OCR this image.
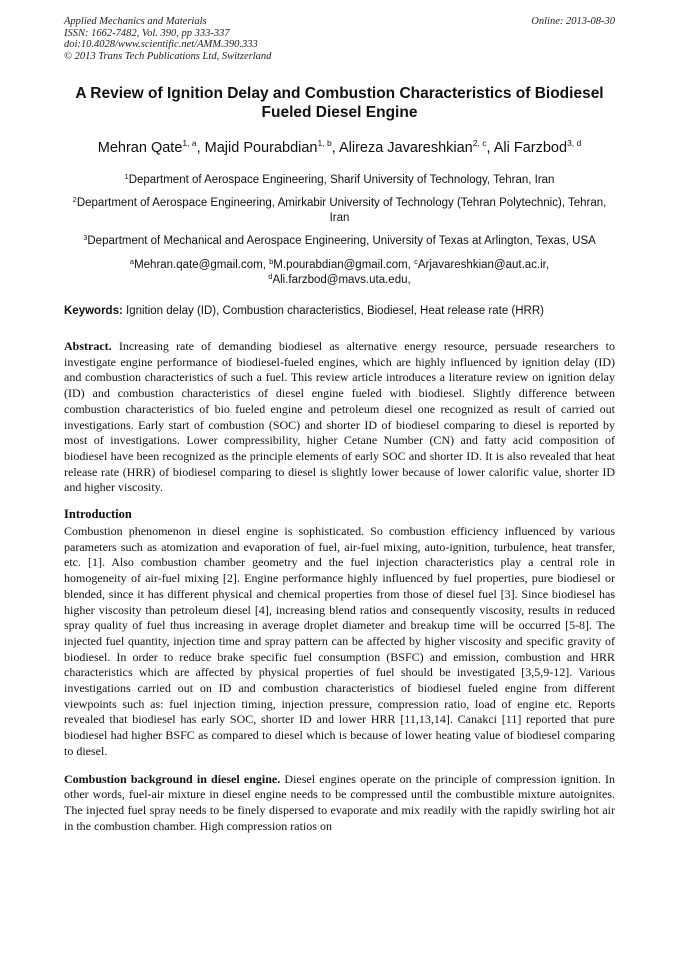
Applied Mechanics and Materials
ISSN: 1662-7482, Vol. 390, pp 333-337
doi:10.4028/www.scientific.net/AMM.390.333
© 2013 Trans Tech Publications Ltd, Switzerland
Online: 2013-08-30
A Review of Ignition Delay and Combustion Characteristics of Biodiesel Fueled Diesel Engine
Mehran Qate$^{1, a}$, Majid Pourabdian$^{1, b}$, Alireza Javareshkian$^{2, c}$, Ali Farzbod$^{3, d}$
$^1$Department of Aerospace Engineering, Sharif University of Technology, Tehran, Iran
$^2$Department of Aerospace Engineering, Amirkabir University of Technology (Tehran Polytechnic), Tehran, Iran
$^3$Department of Mechanical and Aerospace Engineering, University of Texas at Arlington, Texas, USA
$^a$Mehran.qate@gmail.com, $^b$M.pourabdian@gmail.com, $^c$Arjavareshkian@aut.ac.ir,
$^d$Ali.farzbod@mavs.uta.edu,
Keywords: Ignition delay (ID), Combustion characteristics, Biodiesel, Heat release rate (HRR)
Abstract. Increasing rate of demanding biodiesel as alternative energy resource, persuade researchers to investigate engine performance of biodiesel-fueled engines, which are highly influenced by ignition delay (ID) and combustion characteristics of such a fuel. This review article introduces a literature review on ignition delay (ID) and combustion characteristics of diesel engine fueled with biodiesel. Slightly difference between combustion characteristics of bio fueled engine and petroleum diesel one recognized as result of carried out investigations. Early start of combustion (SOC) and shorter ID of biodiesel comparing to diesel is reported by most of investigations. Lower compressibility, higher Cetane Number (CN) and fatty acid composition of biodiesel have been recognized as the principle elements of early SOC and shorter ID. It is also revealed that heat release rate (HRR) of biodiesel comparing to diesel is slightly lower because of lower calorific value, shorter ID and higher viscosity.
Introduction
Combustion phenomenon in diesel engine is sophisticated. So combustion efficiency influenced by various parameters such as atomization and evaporation of fuel, air-fuel mixing, auto-ignition, turbulence, heat transfer, etc. [1]. Also combustion chamber geometry and the fuel injection characteristics play a central role in homogeneity of air-fuel mixing [2]. Engine performance highly influenced by fuel properties, pure biodiesel or blended, since it has different physical and chemical properties from those of diesel fuel [3]. Since biodiesel has higher viscosity than petroleum diesel [4], increasing blend ratios and consequently viscosity, results in reduced spray quality of fuel thus increasing in average droplet diameter and breakup time will be occurred [5-8]. The injected fuel quantity, injection time and spray pattern can be affected by higher viscosity and specific gravity of biodiesel. In order to reduce brake specific fuel consumption (BSFC) and emission, combustion and HRR characteristics which are affected by physical properties of fuel should be investigated [3,5,9-12]. Various investigations carried out on ID and combustion characteristics of biodiesel fueled engine from different viewpoints such as: fuel injection timing, injection pressure, compression ratio, load of engine etc. Reports revealed that biodiesel has early SOC, shorter ID and lower HRR [11,13,14]. Canakci [11] reported that pure biodiesel had higher BSFC as compared to diesel which is because of lower heating value of biodiesel comparing to diesel.
Combustion background in diesel engine. Diesel engines operate on the principle of compression ignition. In other words, fuel-air mixture in diesel engine needs to be compressed until the combustible mixture autoignites. The injected fuel spray needs to be finely dispersed to evaporate and mix readily with the rapidly swirling hot air in the combustion chamber. High compression ratios on
